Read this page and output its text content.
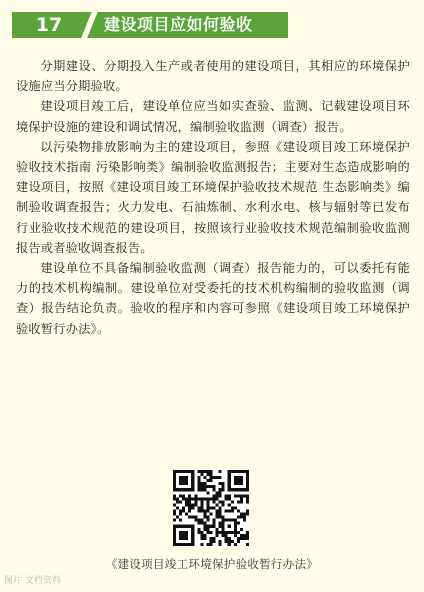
17	建设项目应如何验收

分期建设、分期投入生产或者使用的建设项目，其相应的环境保护设施应当分期验收。

建设项目竣工后，建设单位应当如实查验、监测、记载建设项目环境保护设施的建设和调试情况，编制验收监测（调查）报告。

以污染物排放影响为主的建设项目，参照《建设项目竣工环境保护验收技术指南 污染影响类》编制验收监测报告；主要对生态造成影响的建设项目，按照《建设项目竣工环境保护验收技术规范 生态影响类》编制验收调查报告；火力发电、石油炼制、水利水电、核与辐射等已发布行业验收技术规范的建设项目，按照该行业验收技术规范编制验收监测报告或者验收调查报告。

建设单位不具备编制验收监测（调查）报告能力的，可以委托有能力的技术机构编制。建设单位对受委托的技术机构编制的验收监测（调查）报告结论负责。验收的程序和内容可参照《建设项目竣工环境保护验收暂行办法》。

《建设项目竣工环境保护验收暂行办法》
图片 文档资料
